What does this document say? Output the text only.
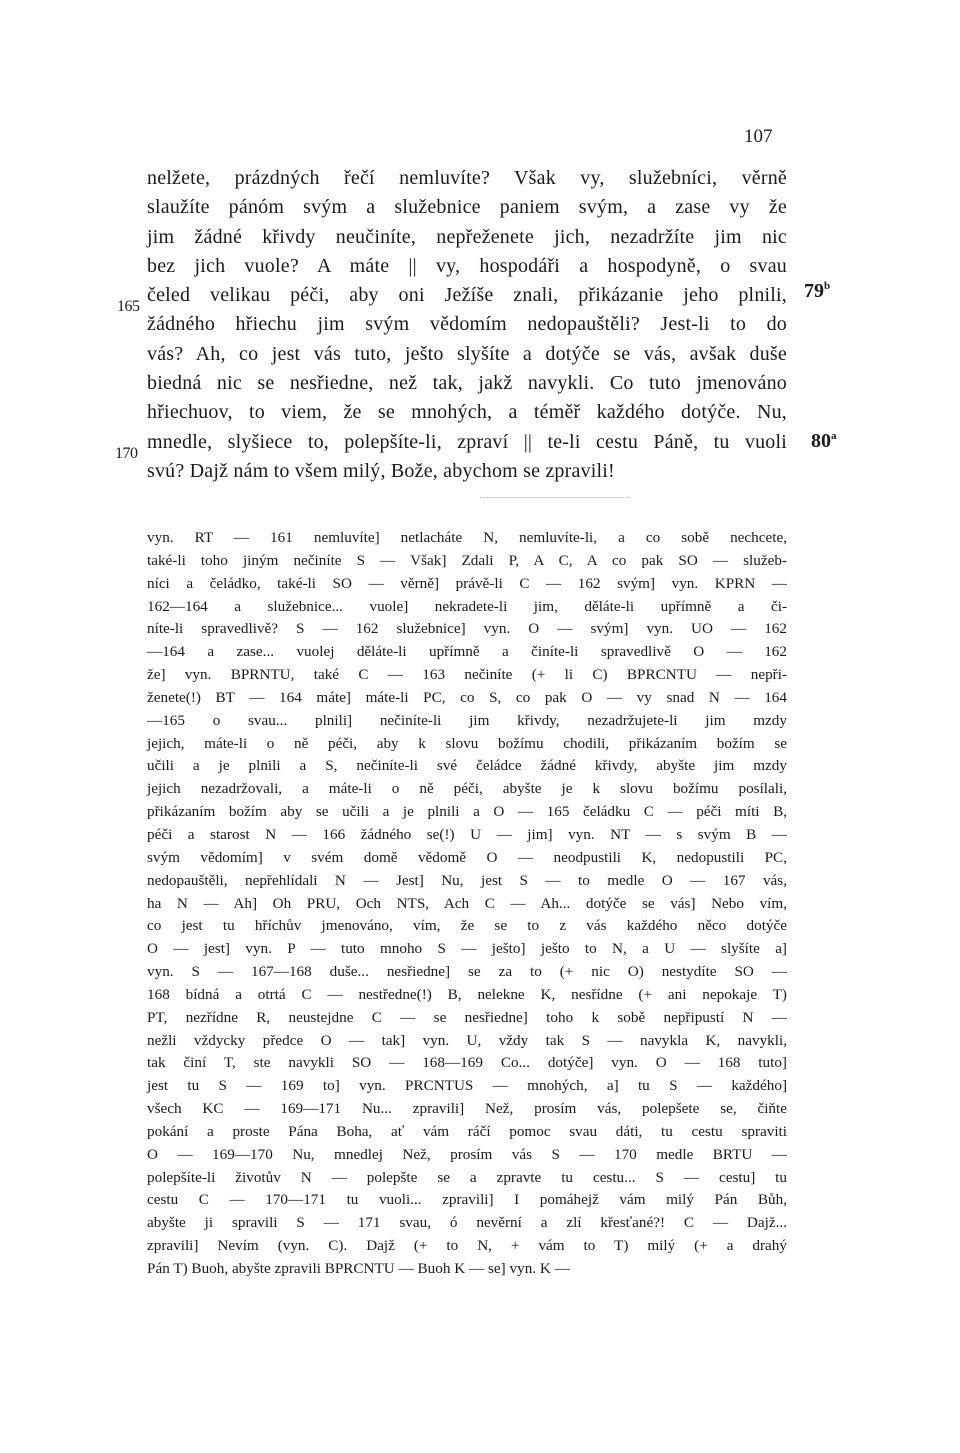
107
nelžete, prázdných řečí nemluvíte? Však vy, služebníci, věrně
slaužíte pánóm svým a služebnice paniem svým, a zase vy že
jim žádné křivdy neučiníte, nepřeženete jich, nezadržíte jim nic
bez jich vuole? A máte || vy, hospodáři a hospodyně, o svau
čeled velikau péči, aby oni Ježíše znali, přikázanie jeho plnili,
žádného hřiechu jim svým vědomím nedopauštěli? Jest-li to do
vás? Ah, co jest vás tuto, ješto slyšíte a dotýče se vás, avšak duše
biedná nic se nesřiedne, než tak, jakž navykli. Co tuto jmenováno
hřiechuov, to viem, že se mnohých, a téměř každého dotýče. Nu,
mnedle, slyšiece to, polepšíte-li, zpraví || te-li cestu Páně, tu vuoli
svú? Dajž nám to všem milý, Bože, abychom se zpravili!
165
170
79$^b$
80$^a$
vyn. RT — 161 nemluvíte] netlacháte N, nemluvíte-li, a co sobě nechcete,
také-li toho jiným nečiníte S — Však] Zdali P, A C, A co pak SO — služeb-
níci a čeládko, také-li SO — věrně] právě-li C — 162 svým] vyn. KPRN —
162—164 a služebnice... vuole] nekradete-li jim, děláte-li upřímně a či-
níte-li spravedlivě? S — 162 služebnice] vyn. O — svým] vyn. UO — 162
—164 a zase... vuolej děláte-li upřímně a činíte-li spravedlivě O — 162
že] vyn. BPRNTU, také C — 163 nečiníte (+ li C) BPRCNTU — nepři-
ženete(!) BT — 164 máte] máte-li PC, co S, co pak O — vy snad N — 164
—165 o svau... plnili] nečiníte-li jim křivdy, nezadržujete-li jim mzdy
jejich, máte-li o ně péči, aby k slovu božímu chodili, přikázaním božím se
učili a je plnili a S, nečiníte-li své čeládce žádné křivdy, abyšte jim mzdy
jejich nezadržovali, a máte-li o ně péči, abyšte je k slovu božímu posílali,
přikázaním božím aby se učili a je plnili a O — 165 čeládku C — péči míti B,
péči a starost N — 166 žádného se(!) U — jim] vyn. NT — s svým B —
svým vědomím] v svém domě vědomě O — neodpustili K, nedopustili PC,
nedopauštěli, nepřehlídali N — Jest] Nu, jest S — to medle O — 167 vás,
ha N — Ah] Oh PRU, Och NTS, Ach C — Ah... dotýče se vás] Nebo vím,
co jest tu hříchův jmenováno, vím, že se to z vás každého něco dotýče
O — jest] vyn. P — tuto mnoho S — ješto] ješto to N, a U — slyšíte a]
vyn. S — 167—168 duše... nesřiedne] se za to (+ nic O) nestydíte SO —
168 bídná a otrtá C — nestředne(!) B, nelekne K, nesřídne (+ ani nepokaje T)
PT, nezřídne R, neustejdne C — se nesřiedne] toho k sobě nepřipustí N —
nežli vždycky předce O — tak] vyn. U, vždy tak S — navykla K, navykli,
tak činí T, ste navykli SO — 168—169 Co... dotýče] vyn. O — 168 tuto]
jest tu S — 169 to] vyn. PRCNTUS — mnohých, a] tu S — každého]
všech KC — 169—171 Nu... zpravili] Než, prosím vás, polepšete se, čiňte
pokání a proste Pána Boha, ať vám ráčí pomoc svau dáti, tu cestu spraviti
O — 169—170 Nu, mnedlej Než, prosím vás S — 170 medle BRTU —
polepšíte-li životův N — polepšte se a zpravte tu cestu... S — cestu] tu
cestu C — 170—171 tu vuoli... zpravili] I pomáhejž vám milý Pán Bůh,
abyšte ji spravili S — 171 svau, ó nevěrní a zlí křesťané?! C — Dajž...
zpravili] Nevím (vyn. C). Dajž (+ to N, + vám to T) milý (+ a drahý
Pán T) Buoh, abyšte zpravili BPRCNTU — Buoh K — se] vyn. K —
